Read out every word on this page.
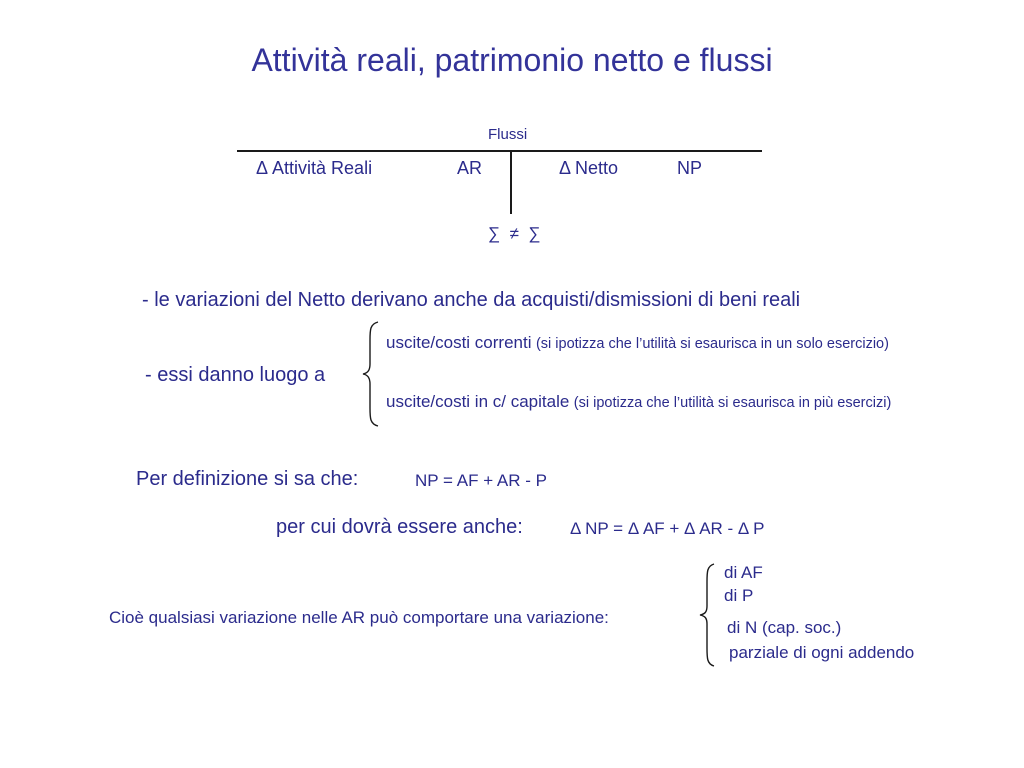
Attività reali, patrimonio netto e flussi
Flussi
Δ Attività Reali	AR	Δ Netto	NP
∑  ≠  ∑
- le variazioni del Netto derivano anche da acquisti/dismissioni di beni reali
- essi danno luogo a
uscite/costi correnti (si ipotizza che l’utilità si esaurisca in un solo esercizio)
uscite/costi in c/ capitale (si ipotizza che l’utilità si esaurisca in più esercizi)
Per definizione si sa che:	NP = AF + AR - P
per cui dovrà essere anche:	Δ NP = Δ AF + Δ AR - Δ P
Cioè qualsiasi variazione nelle AR può comportare una variazione:
di AF
di P
di N (cap. soc.)
parziale di ogni addendo
